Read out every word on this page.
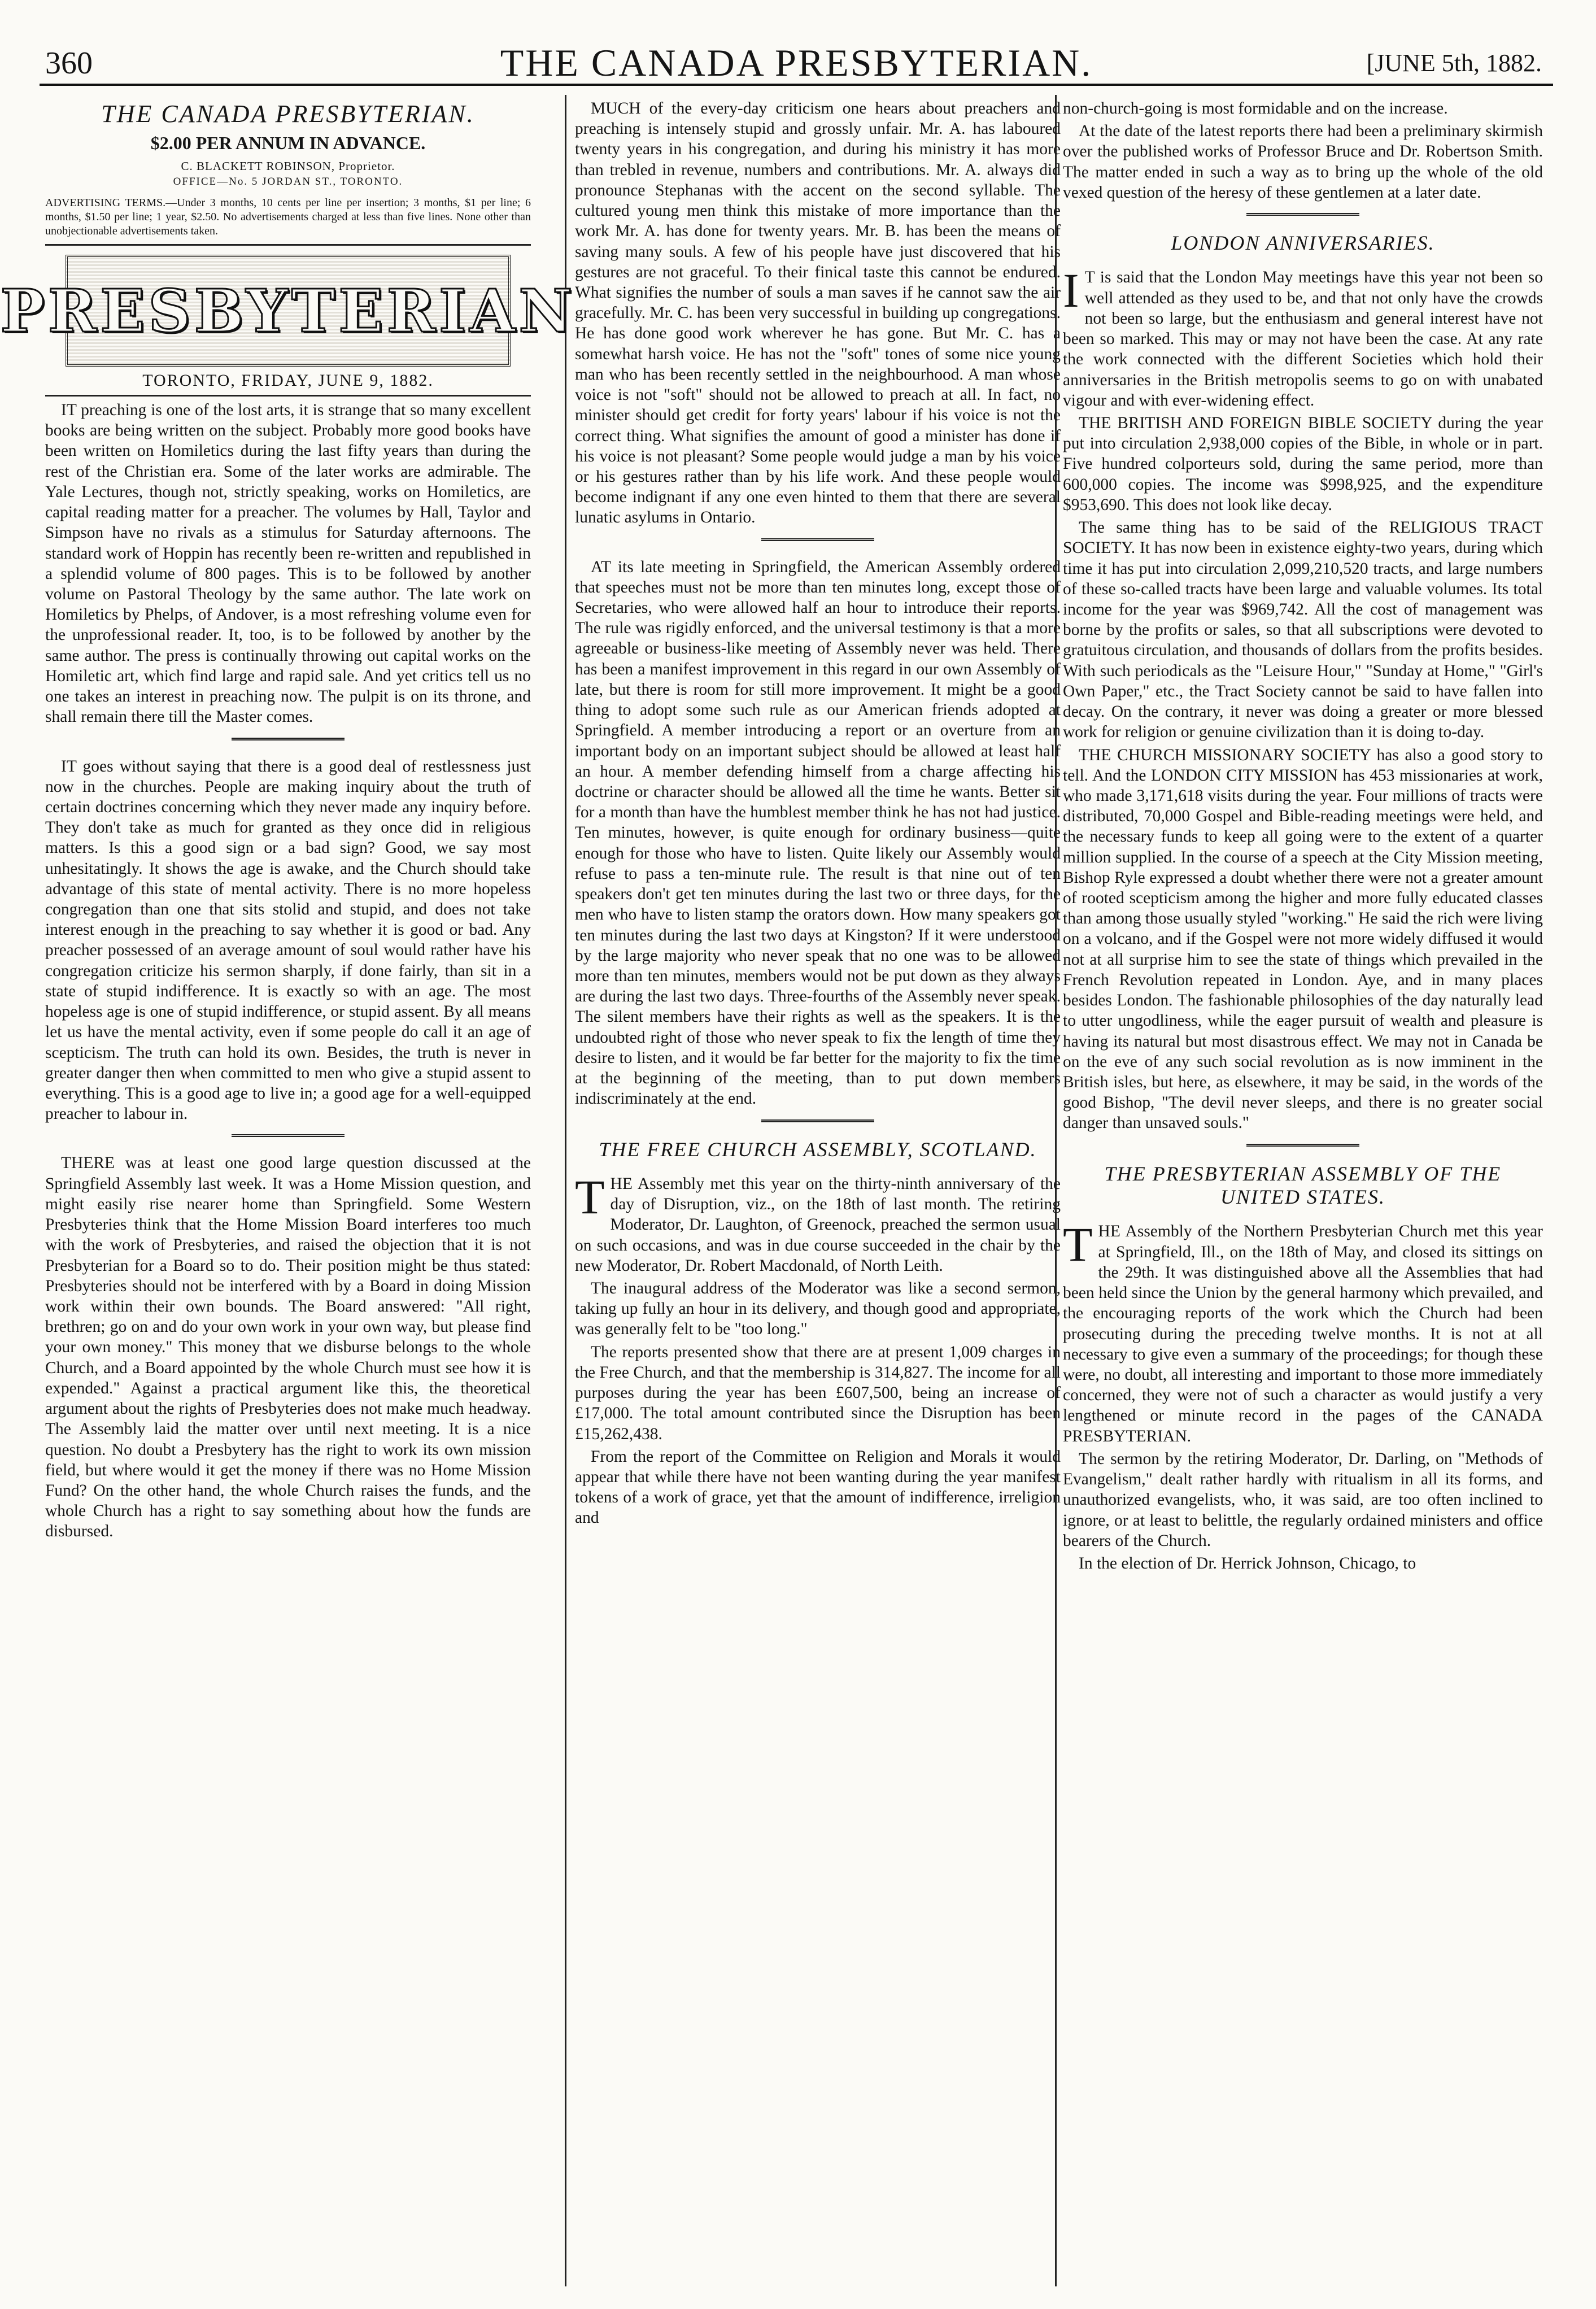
360	THE CANADA PRESBYTERIAN.	[JUNE 5th, 1882.
THE CANADA PRESBYTERIAN.
$2.00 PER ANNUM IN ADVANCE.
C. BLACKETT ROBINSON, Proprietor.
OFFICE—No. 5 JORDAN ST., TORONTO.
ADVERTISING TERMS.—Under 3 months, 10 cents per line per insertion; 3 months, $1 per line; 6 months, $1.50 per line; 1 year, $2.50. No advertisements charged at less than five lines. None other than unobjectionable advertisements taken.
PRESBYTERIAN
TORONTO, FRIDAY, JUNE 9, 1882.

IT preaching is one of the lost arts, it is strange that so many excellent books are being written on the subject. Probably more good books have been written on Homiletics during the last fifty years than during the rest of the Christian era. Some of the later works are admirable. The Yale Lectures, though not, strictly speaking, works on Homiletics, are capital reading matter for a preacher. The volumes by Hall, Taylor and Simpson have no rivals as a stimulus for Saturday afternoons. The standard work of Hoppin has recently been re-written and republished in a splendid volume of 800 pages. This is to be followed by another volume on Pastoral Theology by the same author. The late work on Homiletics by Phelps, of Andover, is a most refreshing volume even for the unprofessional reader. It, too, is to be followed by another by the same author. The press is continually throwing out capital works on the Homiletic art, which find large and rapid sale. And yet critics tell us no one takes an interest in preaching now. The pulpit is on its throne, and shall remain there till the Master comes.

IT goes without saying that there is a good deal of restlessness just now in the churches. People are making inquiry about the truth of certain doctrines concerning which they never made any inquiry before. They don't take as much for granted as they once did in religious matters. Is this a good sign or a bad sign? Good, we say most unhesitatingly. It shows the age is awake, and the Church should take advantage of this state of mental activity. There is no more hopeless congregation than one that sits stolid and stupid, and does not take interest enough in the preaching to say whether it is good or bad. Any preacher possessed of an average amount of soul would rather have his congregation criticize his sermon sharply, if done fairly, than sit in a state of stupid indifference. It is exactly so with an age. The most hopeless age is one of stupid indifference, or stupid assent. By all means let us have the mental activity, even if some people do call it an age of scepticism. The truth can hold its own. Besides, the truth is never in greater danger then when committed to men who give a stupid assent to everything. This is a good age to live in; a good age for a well-equipped preacher to labour in.

THERE was at least one good large question discussed at the Springfield Assembly last week. It was a Home Mission question, and might easily rise nearer home than Springfield. Some Western Presbyteries think that the Home Mission Board interferes too much with the work of Presbyteries, and raised the objection that it is not Presbyterian for a Board so to do. Their position might be thus stated: Presbyteries should not be interfered with by a Board in doing Mission work within their own bounds. The Board answered: "All right, brethren; go on and do your own work in your own way, but please find your own money." This money that we disburse belongs to the whole Church, and a Board appointed by the whole Church must see how it is expended." Against a practical argument like this, the theoretical argument about the rights of Presbyteries does not make much headway. The Assembly laid the matter over until next meeting. It is a nice question. No doubt a Presbytery has the right to work its own mission field, but where would it get the money if there was no Home Mission Fund? On the other hand, the whole Church raises the funds, and the whole Church has a right to say something about how the funds are disbursed.

MUCH of the every-day criticism one hears about preachers and preaching is intensely stupid and grossly unfair. Mr. A. has laboured twenty years in his congregation, and during his ministry it has more than trebled in revenue, numbers and contributions. Mr. A. always did pronounce Stephanas with the accent on the second syllable. The cultured young men think this mistake of more importance than the work Mr. A. has done for twenty years. Mr. B. has been the means of saving many souls. A few of his people have just discovered that his gestures are not graceful. To their finical taste this cannot be endured. What signifies the number of souls a man saves if he cannot saw the air gracefully. Mr. C. has been very successful in building up congregations. He has done good work wherever he has gone. But Mr. C. has a somewhat harsh voice. He has not the "soft" tones of some nice young man who has been recently settled in the neighbourhood. A man whose voice is not "soft" should not be allowed to preach at all. In fact, no minister should get credit for forty years' labour if his voice is not the correct thing. What signifies the amount of good a minister has done if his voice is not pleasant? Some people would judge a man by his voice or his gestures rather than by his life work. And these people would become indignant if any one even hinted to them that there are several lunatic asylums in Ontario.

AT its late meeting in Springfield, the American Assembly ordered that speeches must not be more than ten minutes long, except those of Secretaries, who were allowed half an hour to introduce their reports. The rule was rigidly enforced, and the universal testimony is that a more agreeable or business-like meeting of Assembly never was held. There has been a manifest improvement in this regard in our own Assembly of late, but there is room for still more improvement. It might be a good thing to adopt some such rule as our American friends adopted at Springfield. A member introducing a report or an overture from an important body on an important subject should be allowed at least half an hour. A member defending himself from a charge affecting his doctrine or character should be allowed all the time he wants. Better sit for a month than have the humblest member think he has not had justice. Ten minutes, however, is quite enough for ordinary business—quite enough for those who have to listen. Quite likely our Assembly would refuse to pass a ten-minute rule. The result is that nine out of ten speakers don't get ten minutes during the last two or three days, for the men who have to listen stamp the orators down. How many speakers got ten minutes during the last two days at Kingston? If it were understood by the large majority who never speak that no one was to be allowed more than ten minutes, members would not be put down as they always are during the last two days. Three-fourths of the Assembly never speak. The silent members have their rights as well as the speakers. It is the undoubted right of those who never speak to fix the length of time they desire to listen, and it would be far better for the majority to fix the time at the beginning of the meeting, than to put down members indiscriminately at the end.

THE FREE CHURCH ASSEMBLY, SCOTLAND.

THE Assembly met this year on the thirty-ninth anniversary of the day of Disruption, viz., on the 18th of last month. The retiring Moderator, Dr. Laughton, of Greenock, preached the sermon usual on such occasions, and was in due course succeeded in the chair by the new Moderator, Dr. Robert Macdonald, of North Leith.

The inaugural address of the Moderator was like a second sermon, taking up fully an hour in its delivery, and though good and appropriate, was generally felt to be "too long."

The reports presented show that there are at present 1,009 charges in the Free Church, and that the membership is 314,827. The income for all purposes during the year has been £607,500, being an increase of £17,000. The total amount contributed since the Disruption has been £15,262,438.

From the report of the Committee on Religion and Morals it would appear that while there have not been wanting during the year manifest tokens of a work of grace, yet that the amount of indifference, irreligion and

non-church-going is most formidable and on the increase.

At the date of the latest reports there had been a preliminary skirmish over the published works of Professor Bruce and Dr. Robertson Smith. The matter ended in such a way as to bring up the whole of the old vexed question of the heresy of these gentlemen at a later date.

LONDON ANNIVERSARIES.

I T is said that the London May meetings have this year not been so well attended as they used to be, and that not only have the crowds not been so large, but the enthusiasm and general interest have not been so marked. This may or may not have been the case. At any rate the work connected with the different Societies which hold their anniversaries in the British metropolis seems to go on with unabated vigour and with ever-widening effect.

THE BRITISH AND FOREIGN BIBLE SOCIETY during the year put into circulation 2,938,000 copies of the Bible, in whole or in part. Five hundred colporteurs sold, during the same period, more than 600,000 copies. The income was $998,925, and the expenditure $953,690. This does not look like decay.

The same thing has to be said of the RELIGIOUS TRACT SOCIETY. It has now been in existence eighty-two years, during which time it has put into circulation 2,099,210,520 tracts, and large numbers of these so-called tracts have been large and valuable volumes. Its total income for the year was $969,742. All the cost of management was borne by the profits or sales, so that all subscriptions were devoted to gratuitous circulation, and thousands of dollars from the profits besides. With such periodicals as the "Leisure Hour," "Sunday at Home," "Girl's Own Paper," etc., the Tract Society cannot be said to have fallen into decay. On the contrary, it never was doing a greater or more blessed work for religion or genuine civilization than it is doing to-day.

THE CHURCH MISSIONARY SOCIETY has also a good story to tell. And the LONDON CITY MISSION has 453 missionaries at work, who made 3,171,618 visits during the year. Four millions of tracts were distributed, 70,000 Gospel and Bible-reading meetings were held, and the necessary funds to keep all going were to the extent of a quarter million supplied. In the course of a speech at the City Mission meeting, Bishop Ryle expressed a doubt whether there were not a greater amount of rooted scepticism among the higher and more fully educated classes than among those usually styled "working." He said the rich were living on a volcano, and if the Gospel were not more widely diffused it would not at all surprise him to see the state of things which prevailed in the French Revolution repeated in London. Aye, and in many places besides London. The fashionable philosophies of the day naturally lead to utter ungodliness, while the eager pursuit of wealth and pleasure is having its natural but most disastrous effect. We may not in Canada be on the eve of any such social revolution as is now imminent in the British isles, but here, as elsewhere, it may be said, in the words of the good Bishop, "The devil never sleeps, and there is no greater social danger than unsaved souls."

THE PRESBYTERIAN ASSEMBLY OF THE UNITED STATES.

THE Assembly of the Northern Presbyterian Church met this year at Springfield, Ill., on the 18th of May, and closed its sittings on the 29th. It was distinguished above all the Assemblies that had been held since the Union by the general harmony which prevailed, and the encouraging reports of the work which the Church had been prosecuting during the preceding twelve months. It is not at all necessary to give even a summary of the proceedings; for though these were, no doubt, all interesting and important to those more immediately concerned, they were not of such a character as would justify a very lengthened or minute record in the pages of the CANADA PRESBYTERIAN.

The sermon by the retiring Moderator, Dr. Darling, on "Methods of Evangelism," dealt rather hardly with ritualism in all its forms, and unauthorized evangelists, who, it was said, are too often inclined to ignore, or at least to belittle, the regularly ordained ministers and office bearers of the Church.

In the election of Dr. Herrick Johnson, Chicago, to
